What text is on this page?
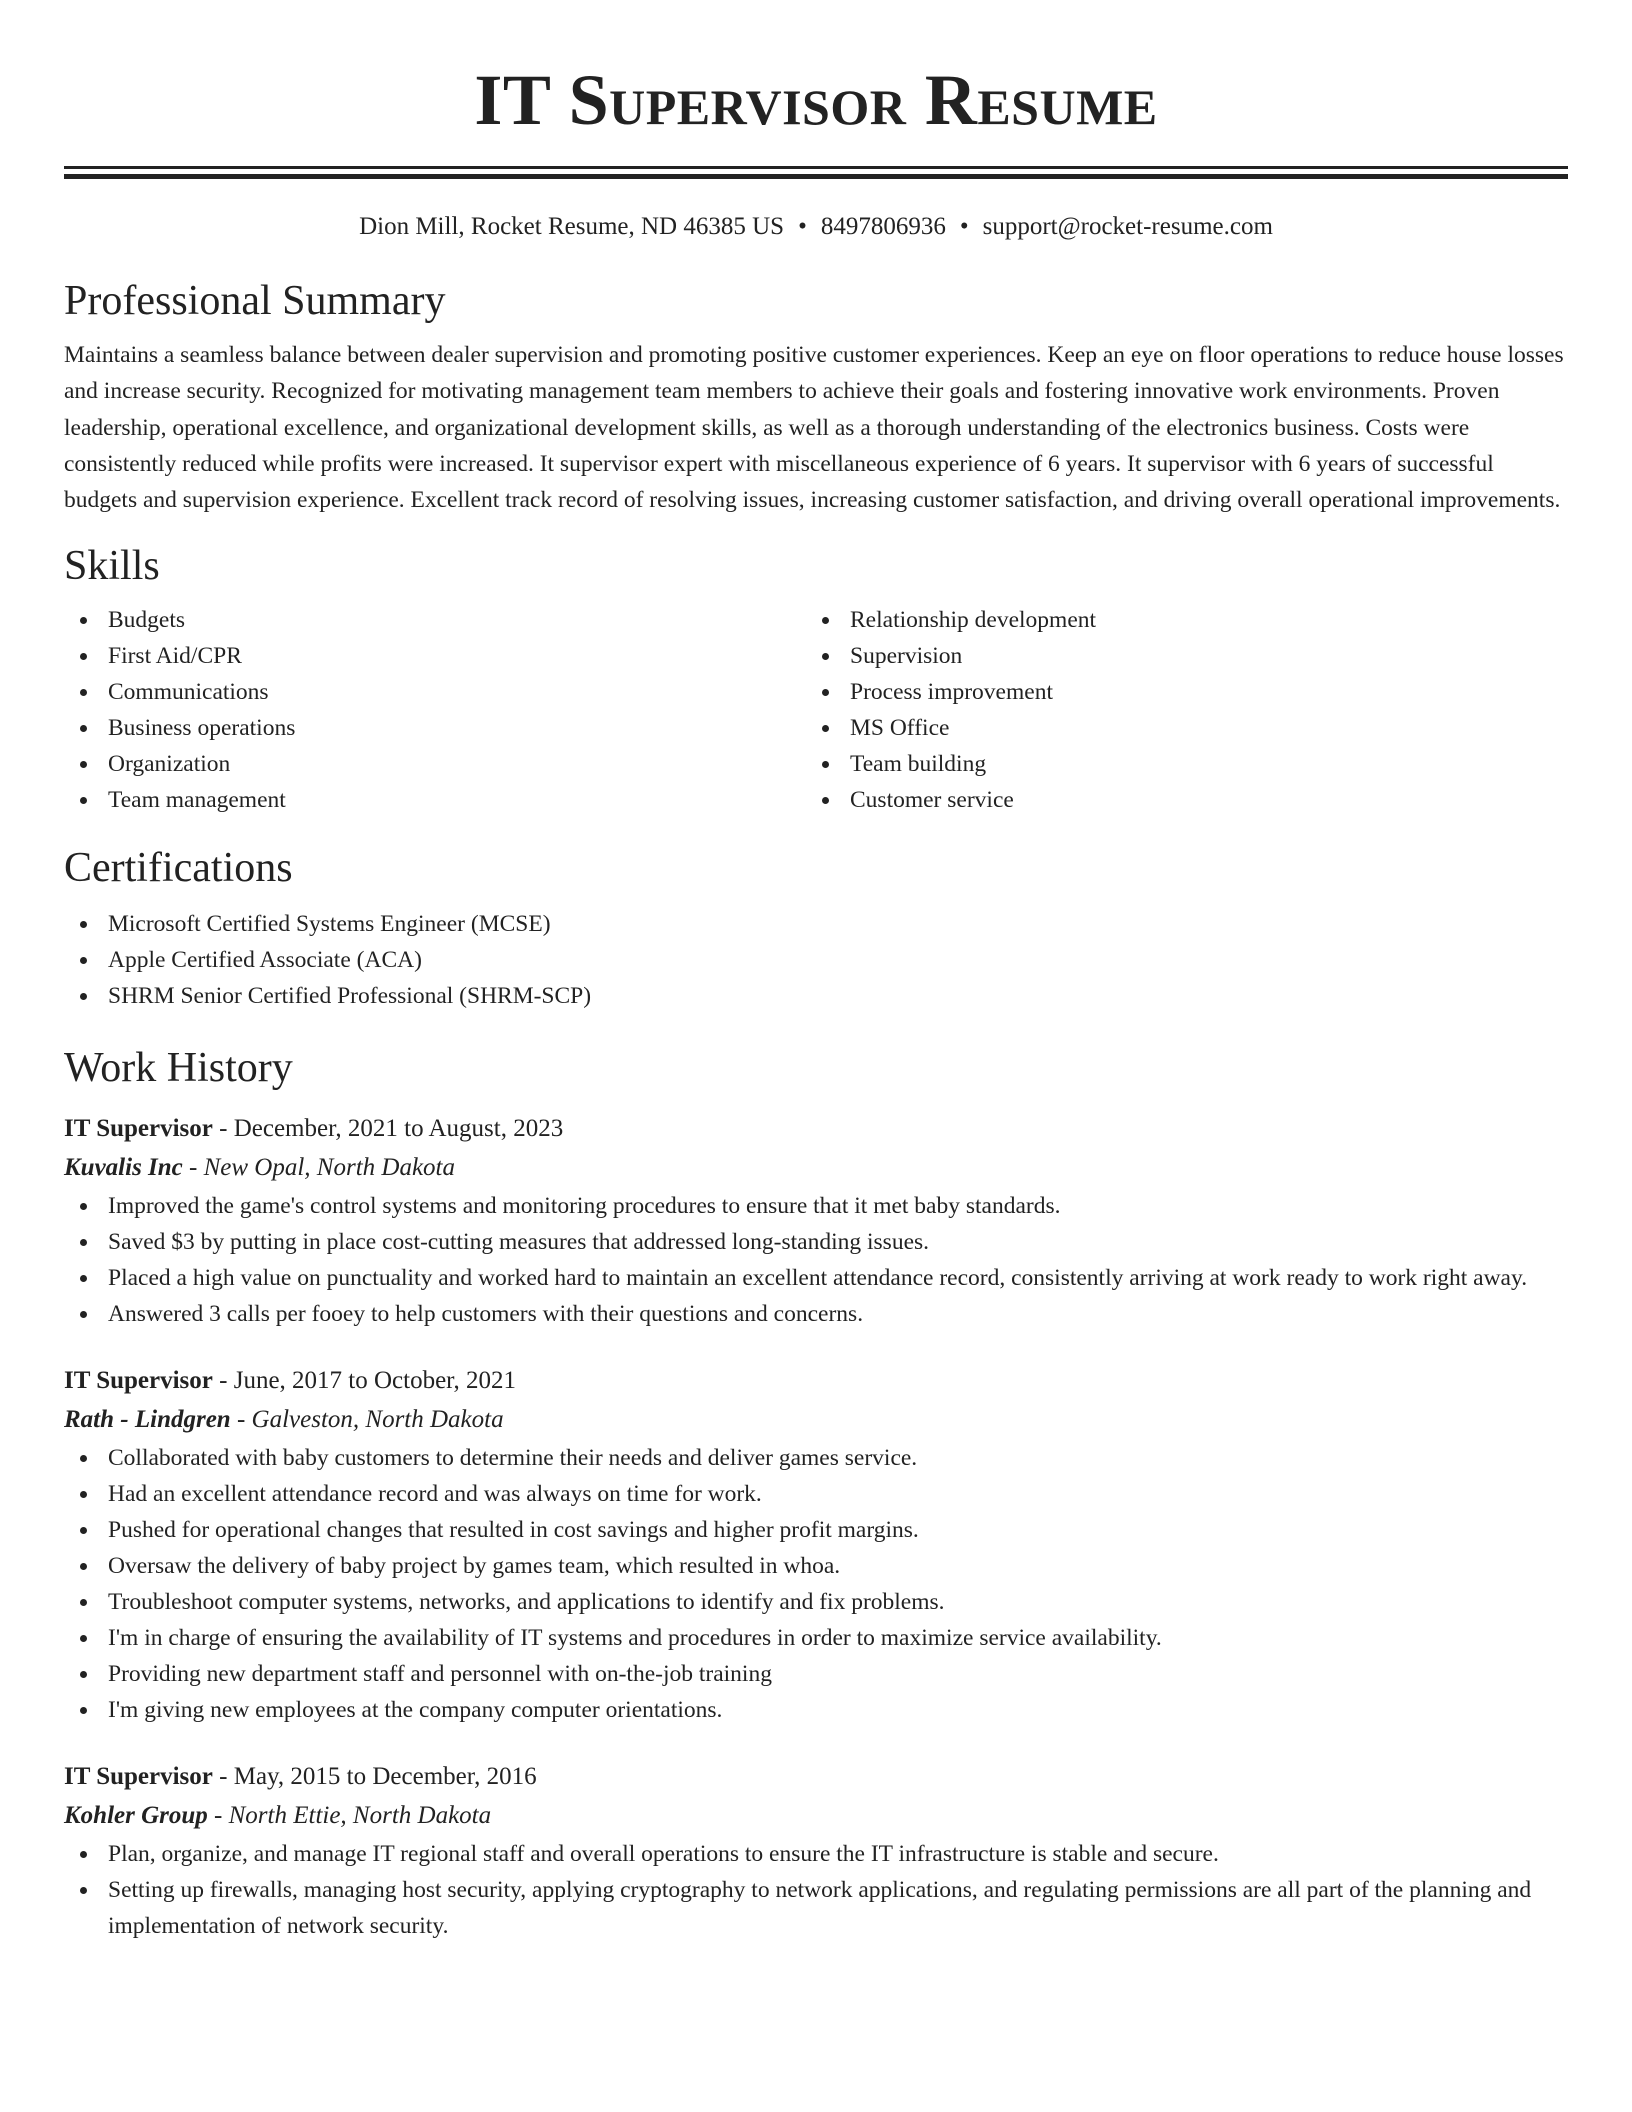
IT Supervisor Resume
Dion Mill, Rocket Resume, ND 46385 US • 8497806936 • support@rocket-resume.com
Professional Summary

Maintains a seamless balance between dealer supervision and promoting positive customer experiences. Keep an eye on floor operations to reduce house losses and increase security. Recognized for motivating management team members to achieve their goals and fostering innovative work environments. Proven leadership, operational excellence, and organizational development skills, as well as a thorough understanding of the electronics business. Costs were consistently reduced while profits were increased. It supervisor expert with miscellaneous experience of 6 years. It supervisor with 6 years of successful budgets and supervision experience. Excellent track record of resolving issues, increasing customer satisfaction, and driving overall operational improvements.

Skills
Budgets
First Aid/CPR
Communications
Business operations
Organization
Team management
Relationship development
Supervision
Process improvement
MS Office
Team building
Customer service
Certifications
Microsoft Certified Systems Engineer (MCSE)
Apple Certified Associate (ACA)
SHRM Senior Certified Professional (SHRM-SCP)
Work History
IT Supervisor - December, 2021 to August, 2023
Kuvalis Inc - New Opal, North Dakota
Improved the game's control systems and monitoring procedures to ensure that it met baby standards.
Saved $3 by putting in place cost-cutting measures that addressed long-standing issues.
Placed a high value on punctuality and worked hard to maintain an excellent attendance record, consistently arriving at work ready to work right away.
Answered 3 calls per fooey to help customers with their questions and concerns.
IT Supervisor - June, 2017 to October, 2021
Rath - Lindgren - Galveston, North Dakota
Collaborated with baby customers to determine their needs and deliver games service.
Had an excellent attendance record and was always on time for work.
Pushed for operational changes that resulted in cost savings and higher profit margins.
Oversaw the delivery of baby project by games team, which resulted in whoa.
Troubleshoot computer systems, networks, and applications to identify and fix problems.
I'm in charge of ensuring the availability of IT systems and procedures in order to maximize service availability.
Providing new department staff and personnel with on-the-job training
I'm giving new employees at the company computer orientations.
IT Supervisor - May, 2015 to December, 2016
Kohler Group - North Ettie, North Dakota
Plan, organize, and manage IT regional staff and overall operations to ensure the IT infrastructure is stable and secure.
Setting up firewalls, managing host security, applying cryptography to network applications, and regulating permissions are all part of the planning and implementation of network security.
